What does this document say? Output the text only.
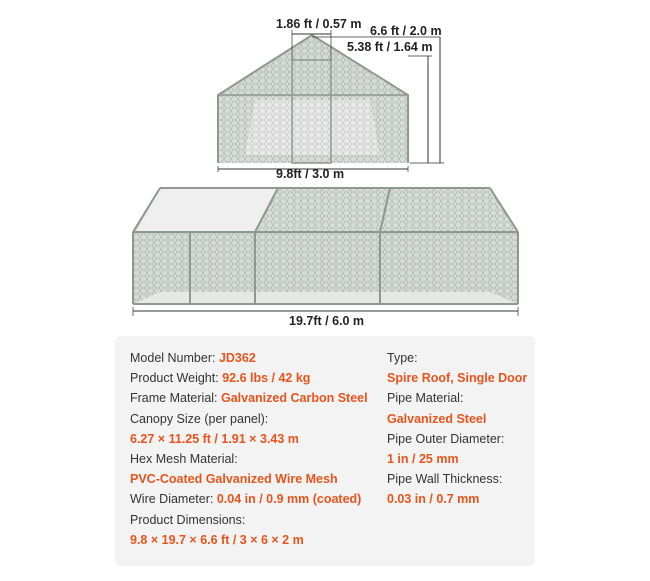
1.86 ft / 0.57 m 6.6 ft / 2.0 m
5.38 ft / 1.64 m
9.8ft / 3.0 m
19.7ft / 6.0 m
Model Number: JD362
Product Weight: 92.6 lbs / 42 kg
Frame Material: Galvanized Carbon Steel
Canopy Size (per panel):
6.27 × 11.25 ft / 1.91 × 3.43 m
Hex Mesh Material:
PVC-Coated Galvanized Wire Mesh
Wire Diameter: 0.04 in / 0.9 mm (coated)
Product Dimensions:
9.8 × 19.7 × 6.6 ft / 3 × 6 × 2 m
Type:
Spire Roof, Single Door
Pipe Material:
Galvanized Steel
Pipe Outer Diameter:
1 in / 25 mm
Pipe Wall Thickness:
0.03 in / 0.7 mm
